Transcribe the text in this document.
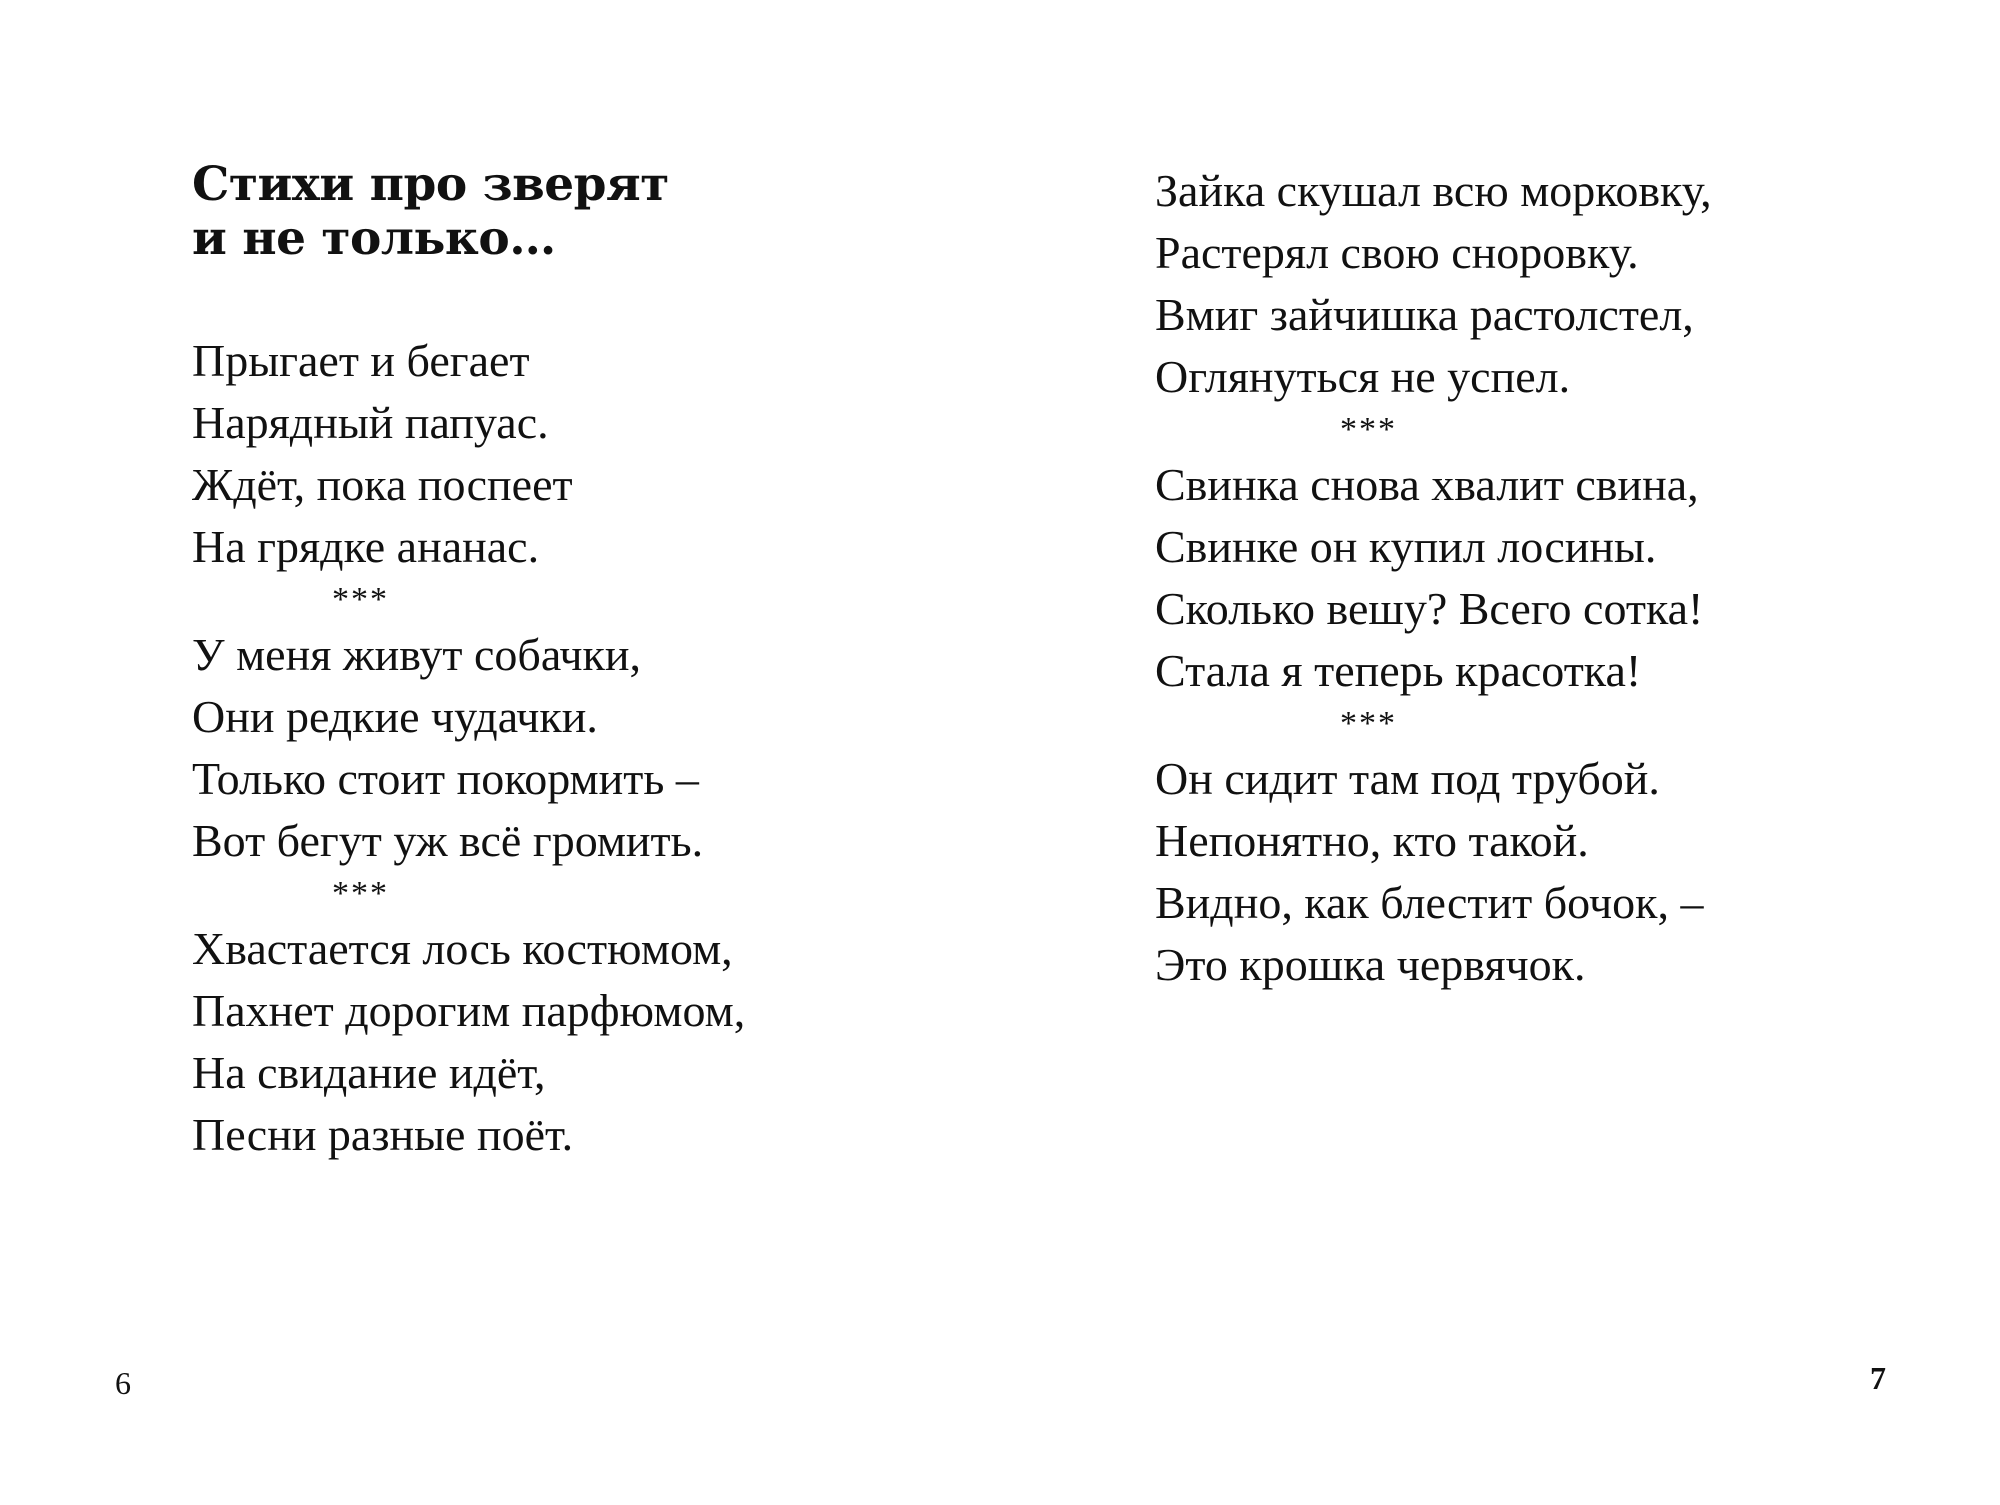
Стихи про зверят
и не только…
Прыгает и бегает
Нарядный папуас.
Ждёт, пока поспеет
На грядке ананас.
***
У меня живут собачки,
Они редкие чудачки.
Только стоит покормить –
Вот бегут уж всё громить.
***
Хвастается лось костюмом,
Пахнет дорогим парфюмом,
На свидание идёт,
Песни разные поёт.
6
Зайка скушал всю морковку,
Растерял свою сноровку.
Вмиг зайчишка растолстел,
Оглянуться не успел.
***
Свинка снова хвалит свина,
Свинке он купил лосины.
Сколько вешу? Всего сотка!
Стала я теперь красотка!
***
Он сидит там под трубой.
Непонятно, кто такой.
Видно, как блестит бочок, –
Это крошка червячок.
7
